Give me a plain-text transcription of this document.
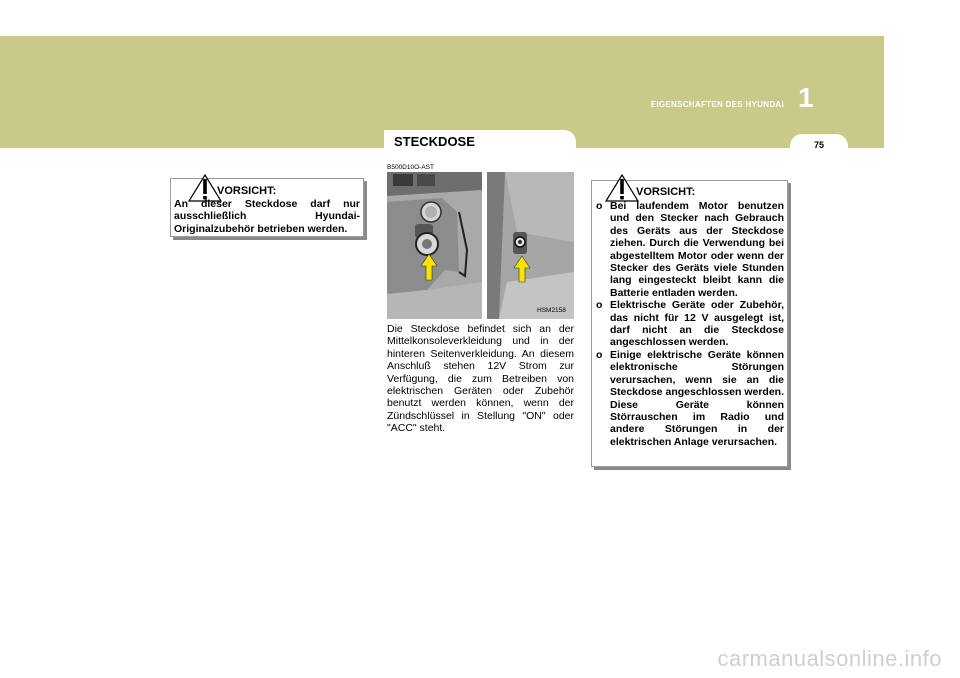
EIGENSCHAFTEN DES HYUNDAI 1
75
STECKDOSE
VORSICHT:
An dieser Steckdose darf nur ausschließlich Hyundai-Originalzubehör betrieben werden.
B500D10O-AST
HSM2158
Die Steckdose befindet sich an der Mittelkonsoleverkleidung und in der hinteren Seitenverkleidung. An diesem Anschluß stehen 12V Strom zur Verfügung, die zum Betreiben von elektrischen Geräten oder Zubehör benutzt werden können, wenn der Zündschlüssel in Stellung "ON" oder "ACC" steht.
VORSICHT:
o Bei laufendem Motor benutzen und den Stecker nach Gebrauch des Geräts aus der Steckdose ziehen. Durch die Verwendung bei abgestelltem Motor oder wenn der Stecker des Geräts viele Stunden lang eingesteckt bleibt kann die Batterie entladen werden.
o Elektrische Geräte oder Zubehör, das nicht für 12 V ausgelegt ist, darf nicht an die Steckdose angeschlossen werden.
o Einige elektrische Geräte können elektronische Störungen verursachen, wenn sie an die Steckdose angeschlossen werden. Diese Geräte können Störrauschen im Radio und andere Störungen in der elektrischen Anlage verursachen.
carmanualsonline.info
